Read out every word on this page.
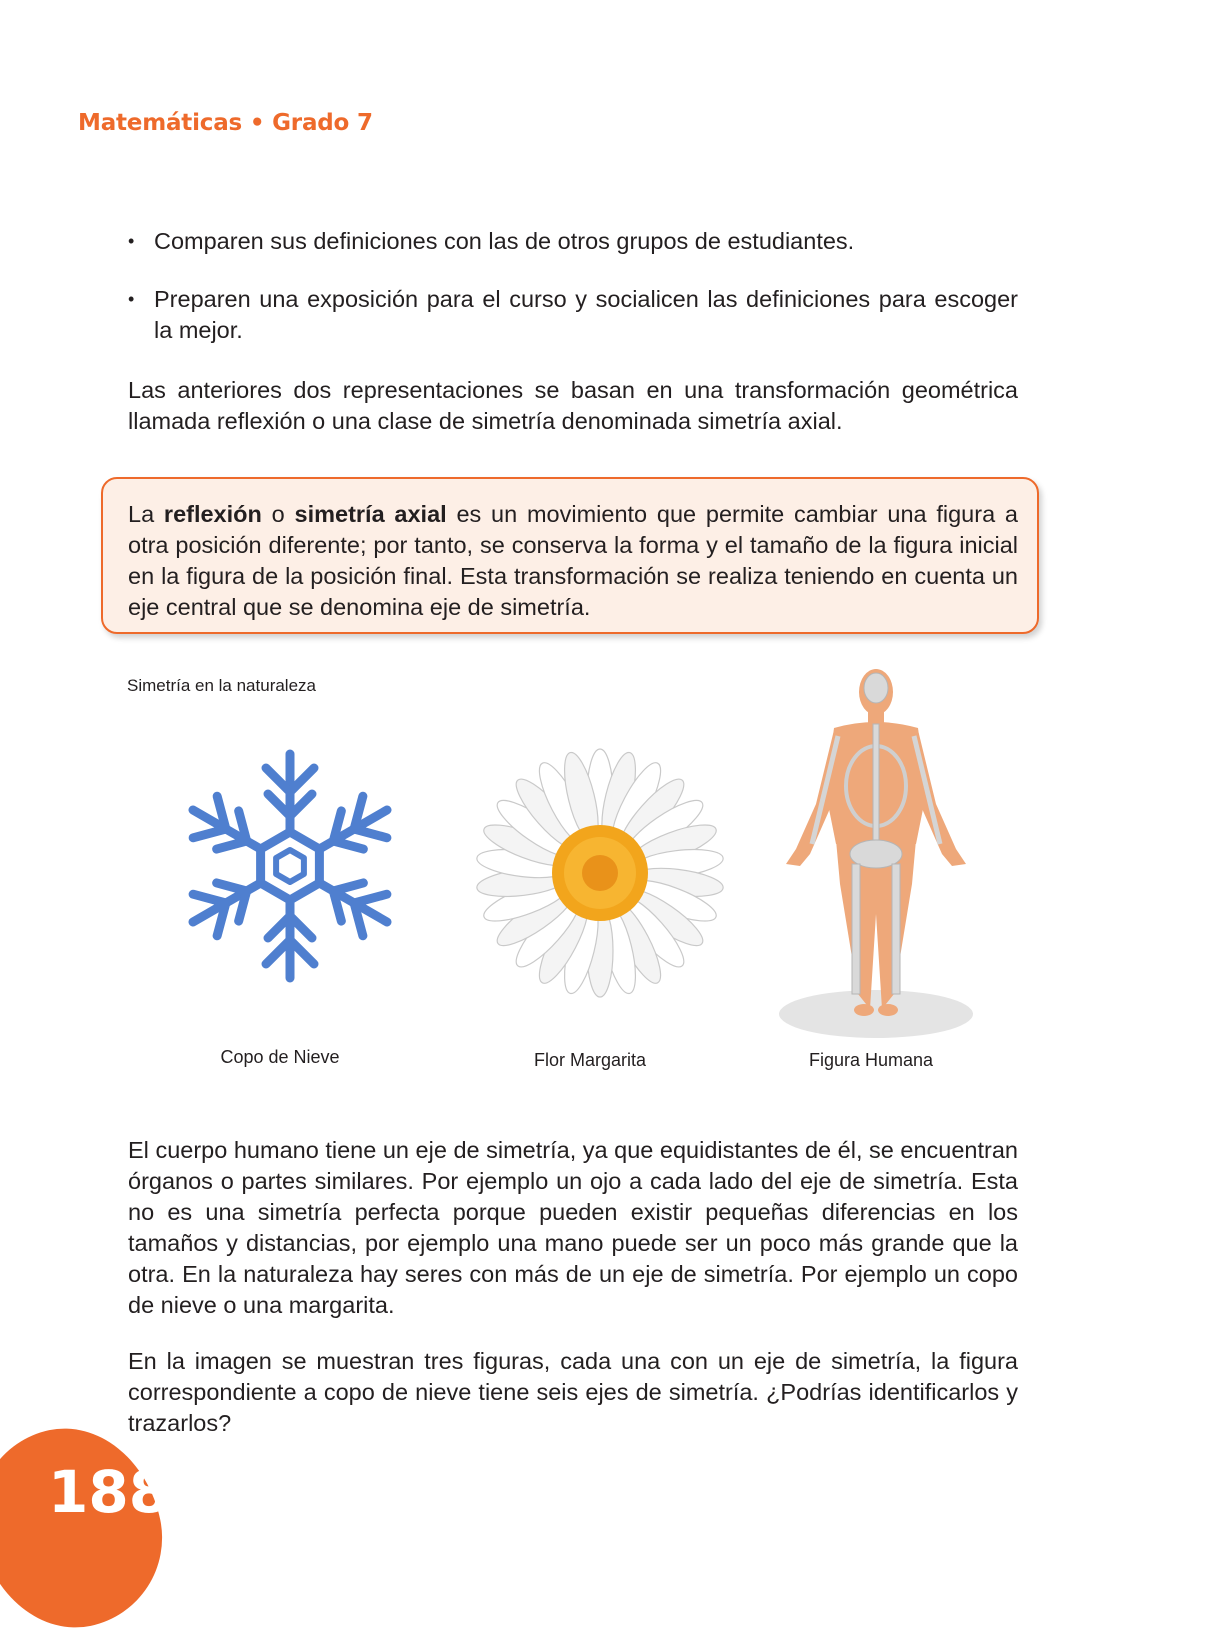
Matemáticas • Grado 7
• Comparen sus definiciones con las de otros grupos de estudiantes.
• Preparen una exposición para el curso y socialicen las definiciones para escoger la mejor.

Las anteriores dos representaciones se basan en una transformación geométrica llamada reflexión o una clase de simetría denominada simetría axial.

La reflexión o simetría axial es un movimiento que permite cambiar una figura a otra posición diferente; por tanto, se conserva la forma y el tamaño de la figura inicial en la figura de la posición final. Esta transformación se realiza teniendo en cuenta un eje central que se denomina eje de simetría.

Simetría en la naturaleza
Copo de Nieve	Flor Margarita	Figura Humana

El cuerpo humano tiene un eje de simetría, ya que equidistantes de él, se encuentran órganos o partes similares. Por ejemplo un ojo a cada lado del eje de simetría. Esta no es una simetría perfecta porque pueden existir pequeñas diferencias en los tamaños y distancias, por ejemplo una mano puede ser un poco más grande que la otra. En la naturaleza hay seres con más de un eje de simetría. Por ejemplo un copo de nieve o una margarita.

En la imagen se muestran tres figuras, cada una con un eje de simetría, la figura correspondiente a copo de nieve tiene seis ejes de simetría. ¿Podrías identificarlos y trazarlos?

188
